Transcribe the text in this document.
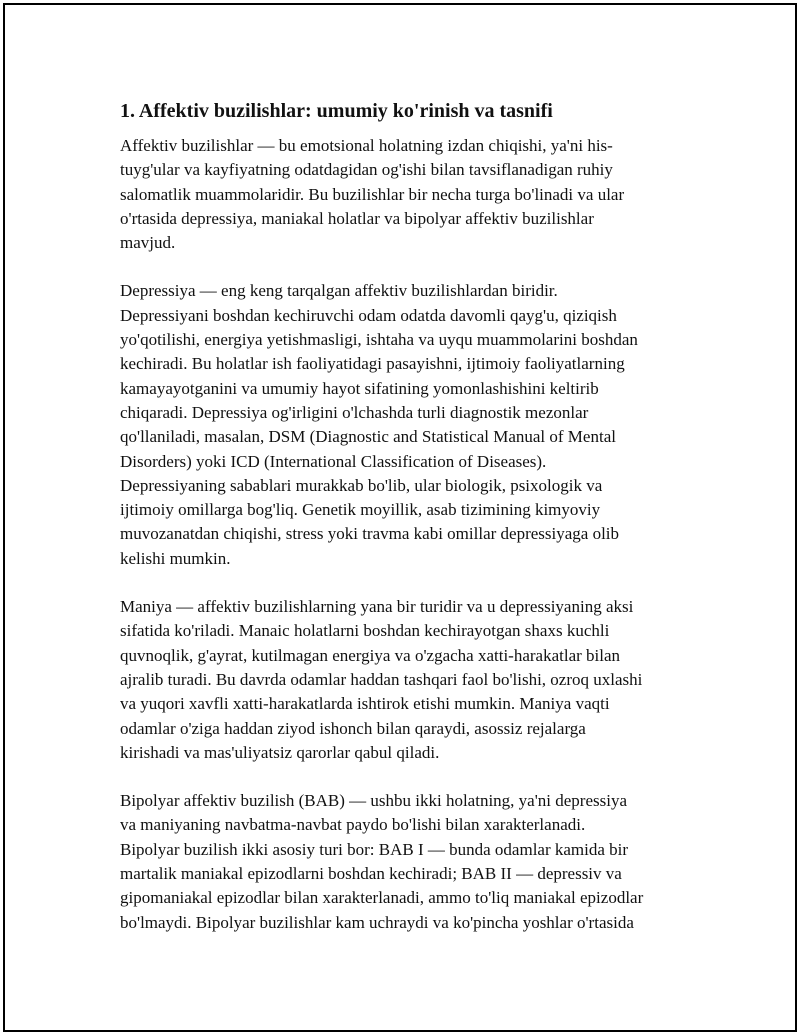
1. Affektiv buzilishlar: umumiy ko'rinish va tasnifi

Affektiv buzilishlar — bu emotsional holatning izdan chiqishi, ya'ni his-
tuyg'ular va kayfiyatning odatdagidan og'ishi bilan tavsiflanadigan ruhiy
salomatlik muammolaridir. Bu buzilishlar bir necha turga bo'linadi va ular
o'rtasida depressiya, maniakal holatlar va bipolyar affektiv buzilishlar
mavjud.

Depressiya — eng keng tarqalgan affektiv buzilishlardan biridir.
Depressiyani boshdan kechiruvchi odam odatda davomli qayg'u, qiziqish
yo'qotilishi, energiya yetishmasligi, ishtaha va uyqu muammolarini boshdan
kechiradi. Bu holatlar ish faoliyatidagi pasayishni, ijtimoiy faoliyatlarning
kamayayotganini va umumiy hayot sifatining yomonlashishini keltirib
chiqaradi. Depressiya og'irligini o'lchashda turli diagnostik mezonlar
qo'llaniladi, masalan, DSM (Diagnostic and Statistical Manual of Mental
Disorders) yoki ICD (International Classification of Diseases).
Depressiyaning sabablari murakkab bo'lib, ular biologik, psixologik va
ijtimoiy omillarga bog'liq. Genetik moyillik, asab tizimining kimyoviy
muvozanatdan chiqishi, stress yoki travma kabi omillar depressiyaga olib
kelishi mumkin.

Maniya — affektiv buzilishlarning yana bir turidir va u depressiyaning aksi
sifatida ko'riladi. Manaic holatlarni boshdan kechirayotgan shaxs kuchli
quvnoqlik, g'ayrat, kutilmagan energiya va o'zgacha xatti-harakatlar bilan
ajralib turadi. Bu davrda odamlar haddan tashqari faol bo'lishi, ozroq uxlashi
va yuqori xavfli xatti-harakatlarda ishtirok etishi mumkin. Maniya vaqti
odamlar o'ziga haddan ziyod ishonch bilan qaraydi, asossiz rejalarga
kirishadi va mas'uliyatsiz qarorlar qabul qiladi.

Bipolyar affektiv buzilish (BAB) — ushbu ikki holatning, ya'ni depressiya
va maniyaning navbatma-navbat paydo bo'lishi bilan xarakterlanadi.
Bipolyar buzilish ikki asosiy turi bor: BAB I — bunda odamlar kamida bir
martalik maniakal epizodlarni boshdan kechiradi; BAB II — depressiv va
gipomaniakal epizodlar bilan xarakterlanadi, ammo to'liq maniakal epizodlar
bo'lmaydi. Bipolyar buzilishlar kam uchraydi va ko'pincha yoshlar o'rtasida
